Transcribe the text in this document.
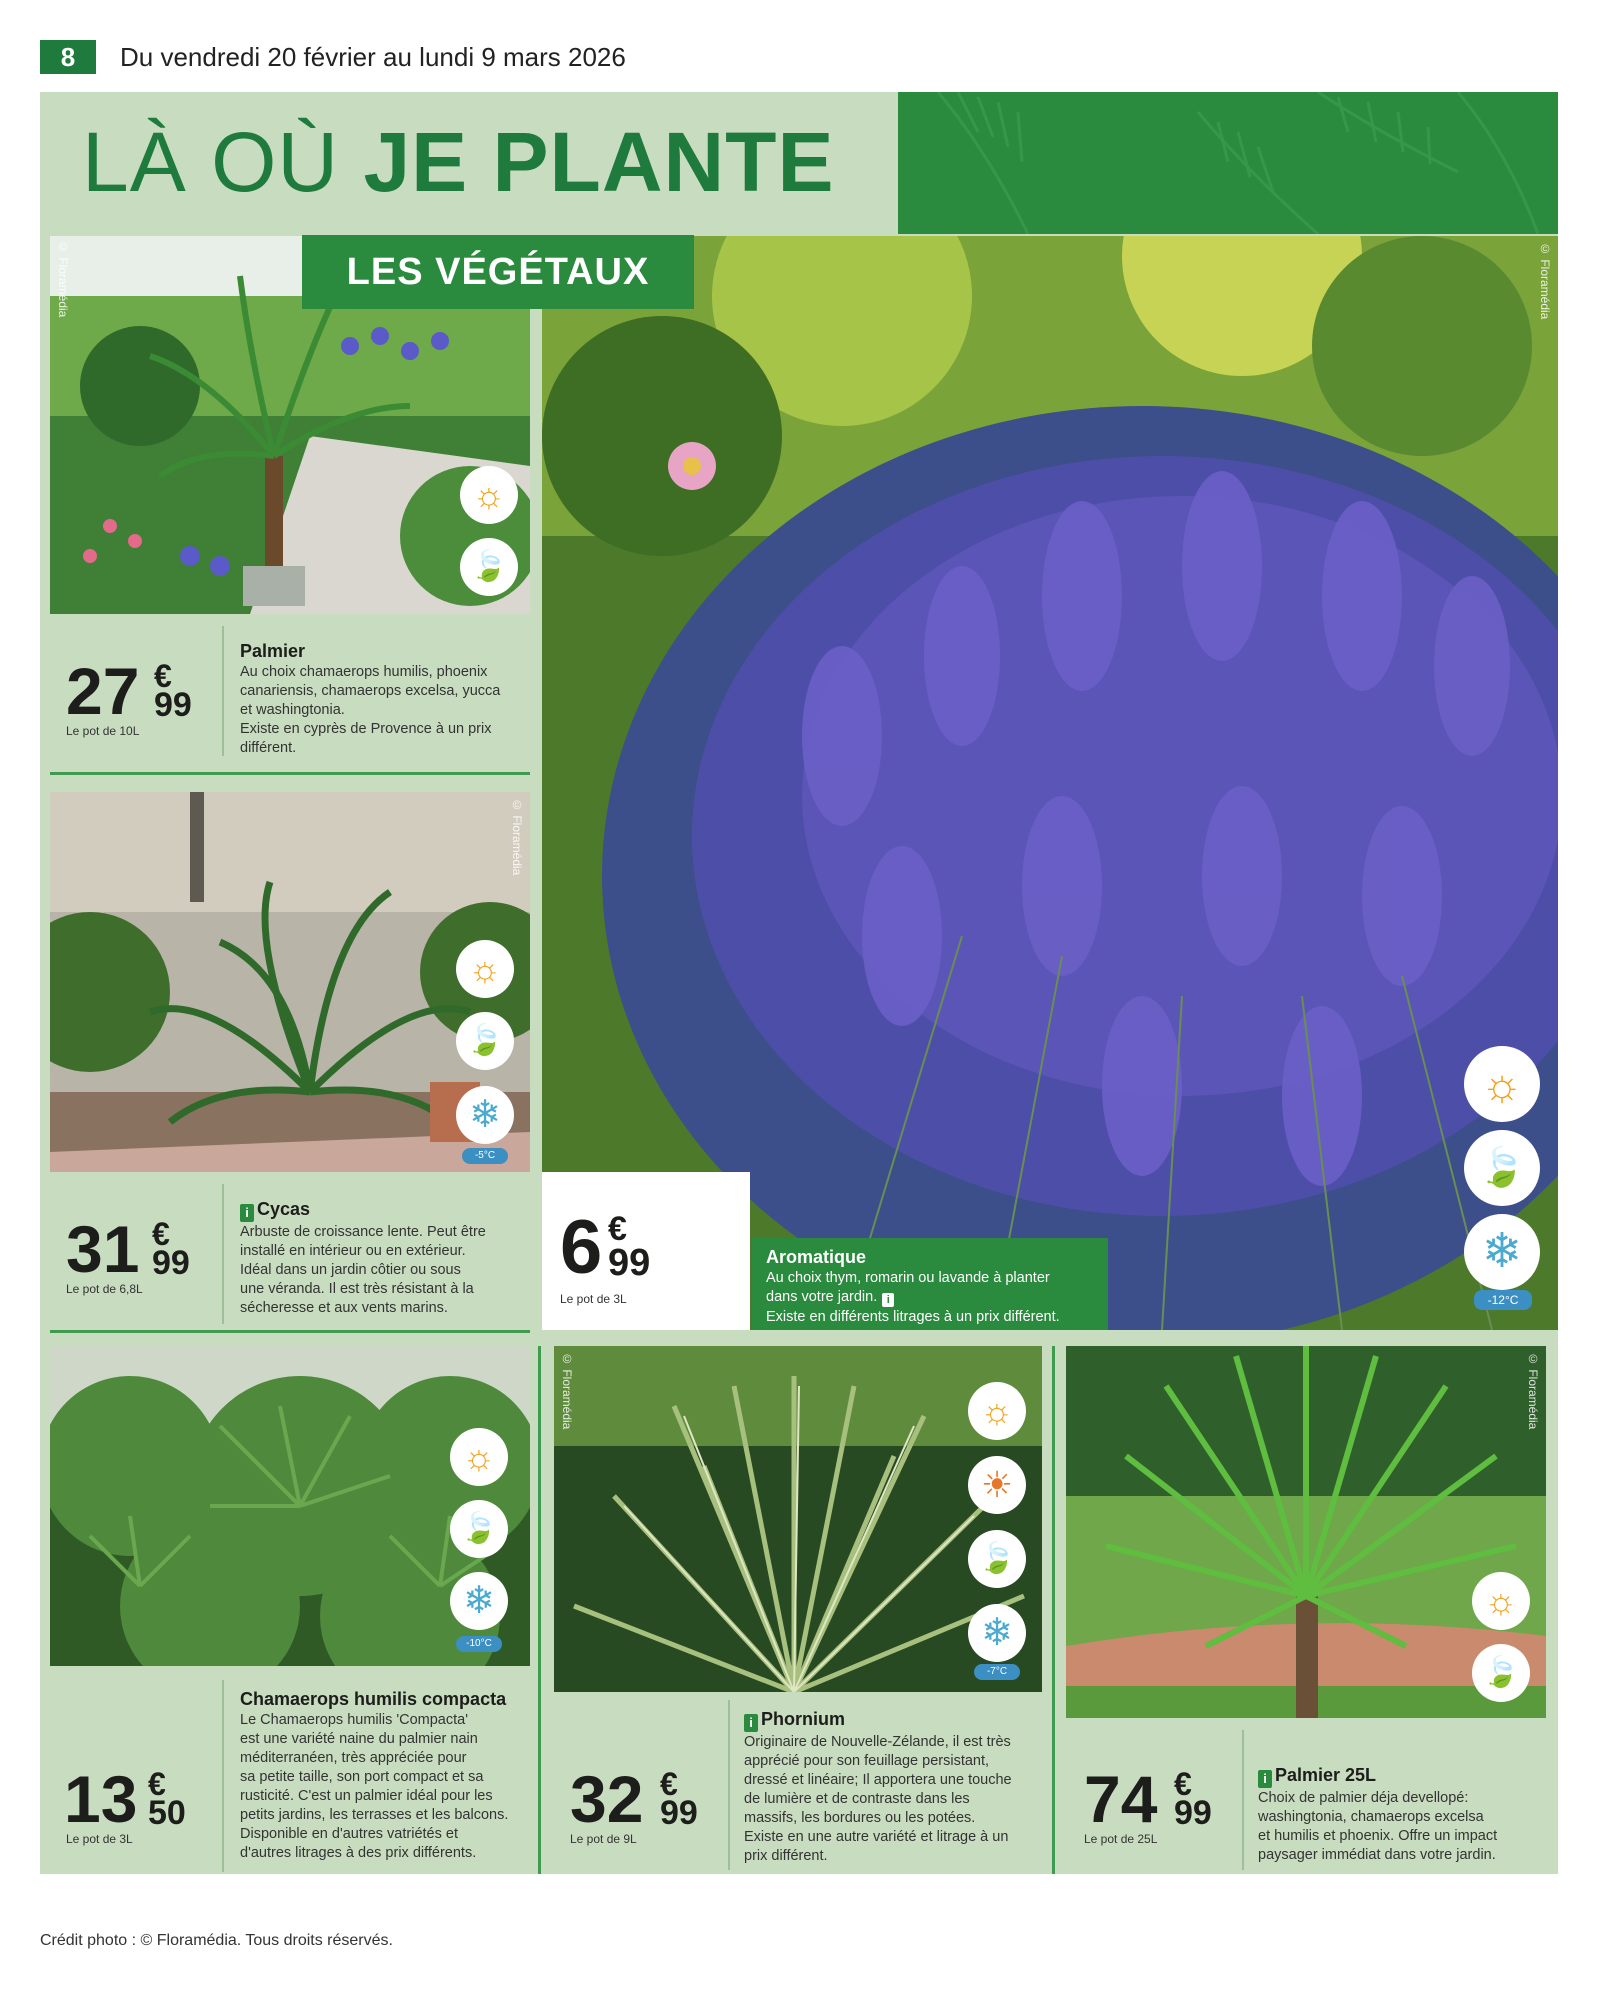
8	Du vendredi 20 février au lundi 9 mars 2026
LÀ OÙ JE PLANTE
© Floramédia
☼
🍃
© Floramédia
☼
🍃
❄
-12°C
LES VÉGÉTAUX
27 €
99
Le pot de 10L
Palmier
Au choix chamaerops humilis, phoenix
canariensis, chamaerops excelsa, yucca
et washingtonia.
Existe en cyprès de Provence à un prix
différent.
© Floramédia
☼
🍃
❄
-5°C
31 €
99
Le pot de 6,8L
i Cycas
Arbuste de croissance lente. Peut être
installé en intérieur ou en extérieur.
Idéal dans un jardin côtier ou sous
une véranda. Il est très résistant à la
sécheresse et aux vents marins.
6 €
99
Le pot de 3L
Aromatique
Au choix thym, romarin ou lavande à planter
dans votre jardin. i
Existe en différents litrages à un prix différent.
☼
🍃
❄
-10°C
13 €
50
Le pot de 3L
Chamaerops humilis compacta
Le Chamaerops humilis 'Compacta'
est une variété naine du palmier nain
méditerranéen, très appréciée pour
sa petite taille, son port compact et sa
rusticité. C'est un palmier idéal pour les
petits jardins, les terrasses et les balcons.
Disponible en d'autres vatriétés et
d'autres litrages à des prix différents.
© Floramédia	☼
☀
🍃
❄
-7°C
32 €
99
Le pot de 9L
i Phornium
Originaire de Nouvelle-Zélande, il est très
apprécié pour son feuillage persistant,
dressé et linéaire; Il apportera une touche
de lumière et de contraste dans les
massifs, les bordures ou les potées.
Existe en une autre variété et litrage à un
prix différent.
© Floramédia
☼
🍃
74 €
99
Le pot de 25L
i Palmier 25L
Choix de palmier déja devellopé:
washingtonia, chamaerops excelsa
et humilis et phoenix. Offre un impact
paysager immédiat dans votre jardin.
Crédit photo : © Floramédia. Tous droits réservés.
